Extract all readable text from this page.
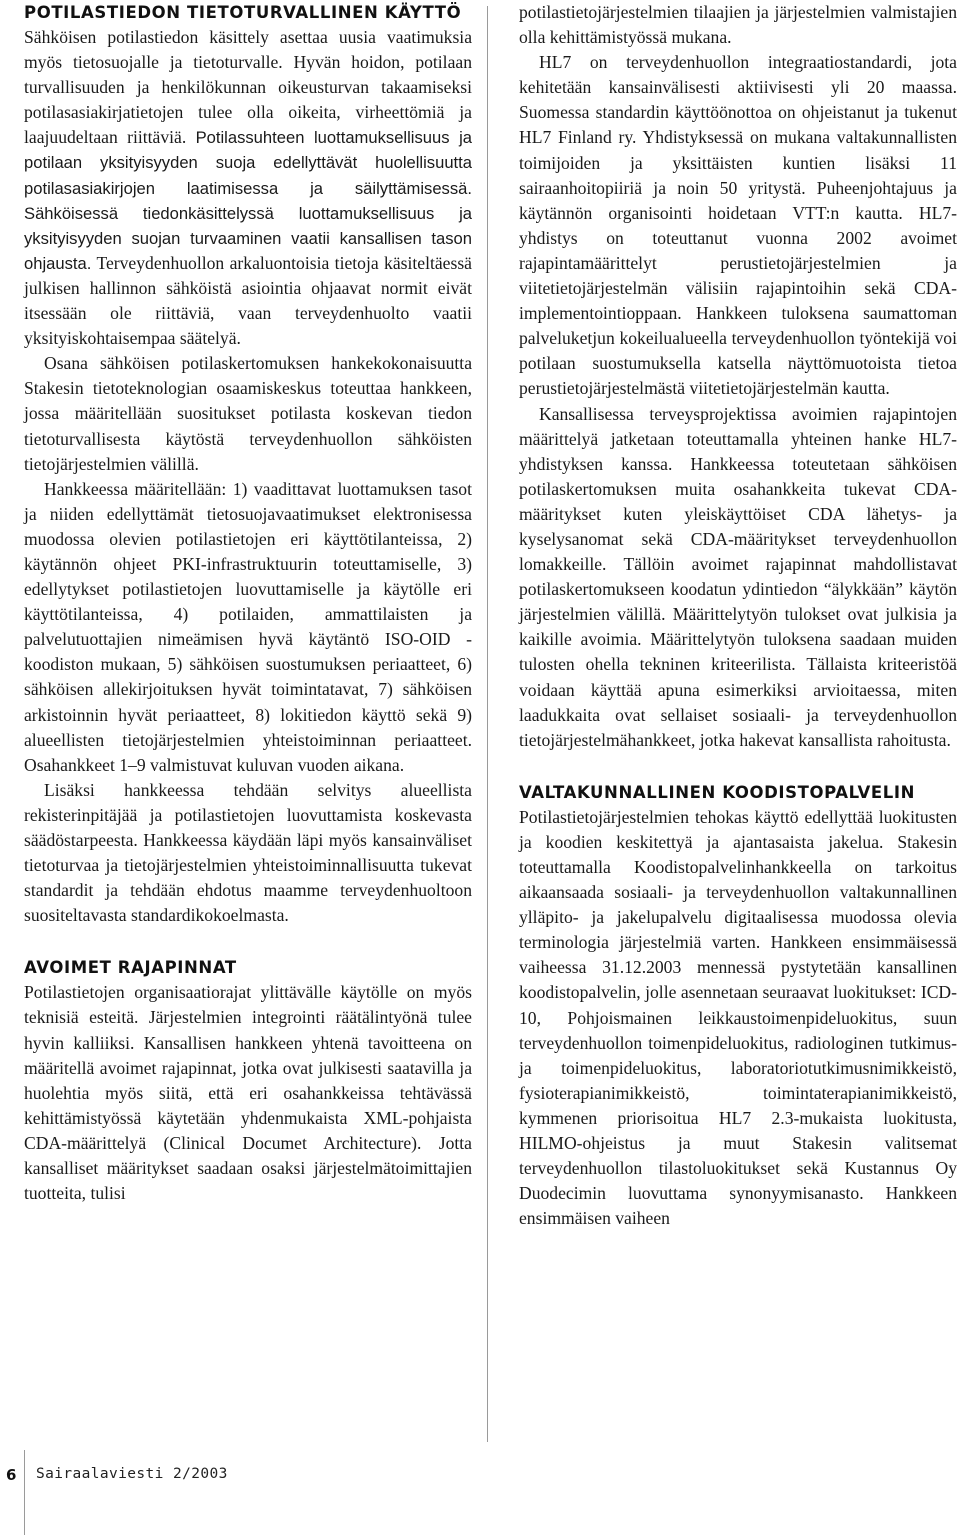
POTILASTIEDON TIETOTURVALLINEN KÄYTTÖ

Sähköisen potilastiedon käsittely asettaa uusia vaatimuksia myös tietosuojalle ja tietoturvalle. Hyvän hoidon, potilaan turvallisuuden ja henkilökunnan oikeusturvan takaamiseksi potilasasiakirjatietojen tulee olla oikeita, virheettömiä ja laajuudeltaan riittäviä. Potilassuhteen luottamuksellisuus ja potilaan yksityisyyden suoja edellyttävät huolellisuutta potilasasiakirjojen laatimisessa ja säilyttämisessä. Sähköisessä tiedonkäsittelyssä luottamuksellisuus ja yksityisyyden suojan turvaaminen vaatii kansallisen tason ohjausta. Terveydenhuollon arkaluontoisia tietoja käsiteltäessä julkisen hallinnon sähköistä asiointia ohjaavat normit eivät itsessään ole riittäviä, vaan terveydenhuolto vaatii yksityiskohtaisempaa säätelyä.

Osana sähköisen potilaskertomuksen hankekokonaisuutta Stakesin tietoteknologian osaamiskeskus toteuttaa hankkeen, jossa määritellään suositukset potilasta koskevan tiedon tietoturvallisesta käytöstä terveydenhuollon sähköisten tietojärjestelmien välillä.

Hankkeessa määritellään: 1) vaadittavat luottamuksen tasot ja niiden edellyttämät tietosuojavaatimukset elektronisessa muodossa olevien potilastietojen eri käyttötilanteissa, 2) käytännön ohjeet PKI-infrastruktuurin toteuttamiselle, 3) edellytykset potilastietojen luovuttamiselle ja käytölle eri käyttötilanteissa, 4) potilaiden, ammattilaisten ja palvelutuottajien nimeämisen hyvä käytäntö ISO-OID -koodiston mukaan, 5) sähköisen suostumuksen periaatteet, 6) sähköisen allekirjoituksen hyvät toimintatavat, 7) sähköisen arkistoinnin hyvät periaatteet, 8) lokitiedon käyttö sekä 9) alueellisten tietojärjestelmien yhteistoiminnan periaatteet. Osahankkeet 1–9 valmistuvat kuluvan vuoden aikana.

Lisäksi hankkeessa tehdään selvitys alueellista rekisterinpitäjää ja potilastietojen luovuttamista koskevasta säädöstarpeesta. Hankkeessa käydään läpi myös kansainväliset tietoturvaa ja tietojärjestelmien yhteistoiminnallisuutta tukevat standardit ja tehdään ehdotus maamme terveydenhuoltoon suositeltavasta standardikokoelmasta.

AVOIMET RAJAPINNAT

Potilastietojen organisaatiorajat ylittävälle käytölle on myös teknisiä esteitä. Järjestelmien integrointi räätälintyönä tulee hyvin kalliiksi. Kansallisen hankkeen yhtenä tavoitteena on määritellä avoimet rajapinnat, jotka ovat julkisesti saatavilla ja huolehtia myös siitä, että eri osahankkeissa tehtävässä kehittämistyössä käytetään yhdenmukaista XML-pohjaista CDA-määrittelyä (Clinical Documet Architecture). Jotta kansalliset määritykset saadaan osaksi järjestelmätoimittajien tuotteita, tulisi

potilastietojärjestelmien tilaajien ja järjestelmien valmistajien olla kehittämistyössä mukana.

HL7 on terveydenhuollon integraatiostandardi, jota kehitetään kansainvälisesti aktiivisesti yli 20 maassa. Suomessa standardin käyttöönottoa on ohjeistanut ja tukenut HL7 Finland ry. Yhdistyksessä on mukana valtakunnallisten toimijoiden ja yksittäisten kuntien lisäksi 11 sairaanhoitopiiriä ja noin 50 yritystä. Puheenjohtajuus ja käytännön organisointi hoidetaan VTT:n kautta. HL7-yhdistys on toteuttanut vuonna 2002 avoimet rajapintamäärittelyt perustietojärjestelmien ja viitetietojärjestelmän välisiin rajapintoihin sekä CDA-implementointioppaan. Hankkeen tuloksena saumattoman palveluketjun kokeilualueella terveydenhuollon työntekijä voi potilaan suostumuksella katsella näyttömuotoista tietoa perustietojärjestelmästä viitetietojärjestelmän kautta.

Kansallisessa terveysprojektissa avoimien rajapintojen määrittelyä jatketaan toteuttamalla yhteinen hanke HL7-yhdistyksen kanssa. Hankkeessa toteutetaan sähköisen potilaskertomuksen muita osahankkeita tukevat CDA-määritykset kuten yleiskäyttöiset CDA lähetys- ja kyselysanomat sekä CDA-määritykset terveydenhuollon lomakkeille. Tällöin avoimet rajapinnat mahdollistavat potilaskertomukseen koodatun ydintiedon “älykkään” käytön järjestelmien välillä. Määrittelytyön tulokset ovat julkisia ja kaikille avoimia. Määrittelytyön tuloksena saadaan muiden tulosten ohella tekninen kriteerilista. Tällaista kriteeristöä voidaan käyttää apuna esimerkiksi arvioitaessa, miten laadukkaita ovat sellaiset sosiaali- ja terveydenhuollon tietojärjestelmähankkeet, jotka hakevat kansallista rahoitusta.

VALTAKUNNALLINEN KOODISTOPALVELIN

Potilastietojärjestelmien tehokas käyttö edellyttää luokitusten ja koodien keskitettyä ja ajantasaista jakelua. Stakesin toteuttamalla Koodistopalvelinhankkeella on tarkoitus aikaansaada sosiaali- ja terveydenhuollon valtakunnallinen ylläpito- ja jakelupalvelu digitaalisessa muodossa olevia terminologia järjestelmiä varten. Hankkeen ensimmäisessä vaiheessa 31.12.2003 mennessä pystytetään kansallinen koodistopalvelin, jolle asennetaan seuraavat luokitukset: ICD-10, Pohjoismainen leikkaustoimenpideluokitus, suun terveydenhuollon toimenpideluokitus, radiologinen tutkimus- ja toimenpideluokitus, laboratoriotutkimusnimikkeistö, fysioterapianimikkeistö, toimintaterapianimikkeistö, kymmenen priorisoitua HL7 2.3-mukaista luokitusta, HILMO-ohjeistus ja muut Stakesin valitsemat terveydenhuollon tilastoluokitukset sekä Kustannus Oy Duodecimin luovuttama synonyymisanasto. Hankkeen ensimmäisen vaiheen

6 Sairaalaviesti 2/2003
